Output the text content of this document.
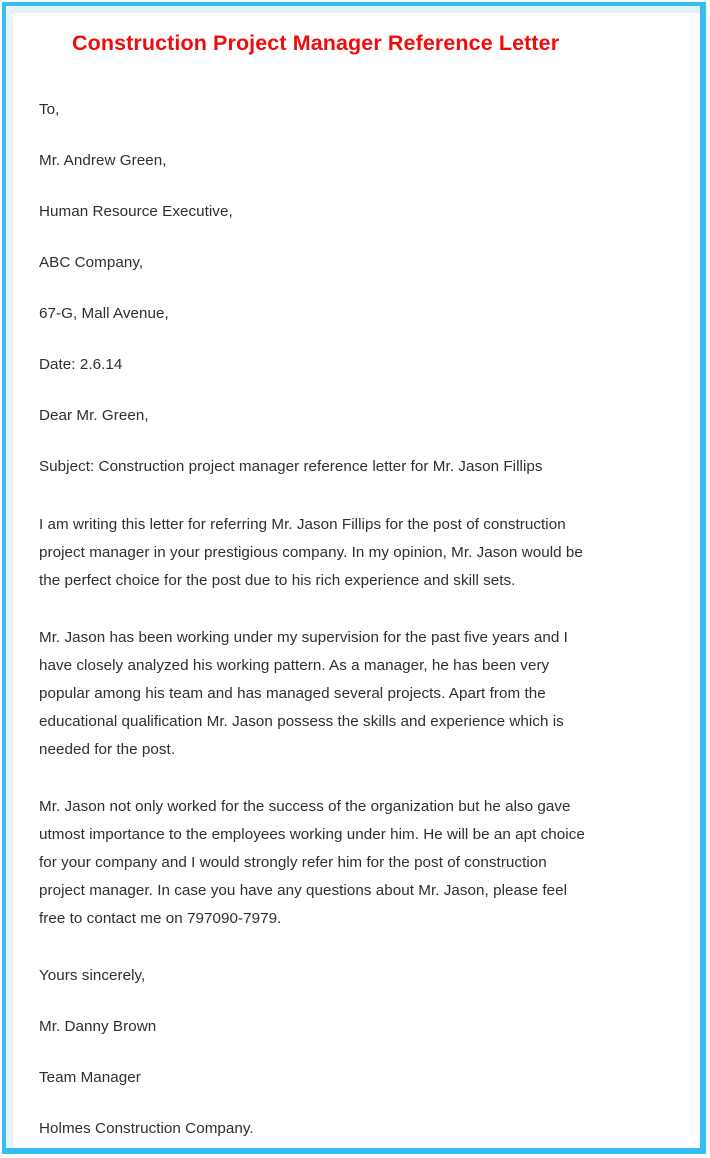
Construction Project Manager Reference Letter

To,

Mr. Andrew Green,

Human Resource Executive,

ABC Company,

67-G, Mall Avenue,

Date: 2.6.14

Dear Mr. Green,

Subject: Construction project manager reference letter for Mr. Jason Fillips

I am writing this letter for referring Mr. Jason Fillips for the post of construction project manager in your prestigious company. In my opinion, Mr. Jason would be the perfect choice for the post due to his rich experience and skill sets.

Mr. Jason has been working under my supervision for the past five years and I have closely analyzed his working pattern. As a manager, he has been very popular among his team and has managed several projects. Apart from the educational qualification Mr. Jason possess the skills and experience which is needed for the post.

Mr. Jason not only worked for the success of the organization but he also gave utmost importance to the employees working under him. He will be an apt choice for your company and I would strongly refer him for the post of construction project manager. In case you have any questions about Mr. Jason, please feel free to contact me on 797090-7979.

Yours sincerely,

Mr. Danny Brown

Team Manager

Holmes Construction Company.
